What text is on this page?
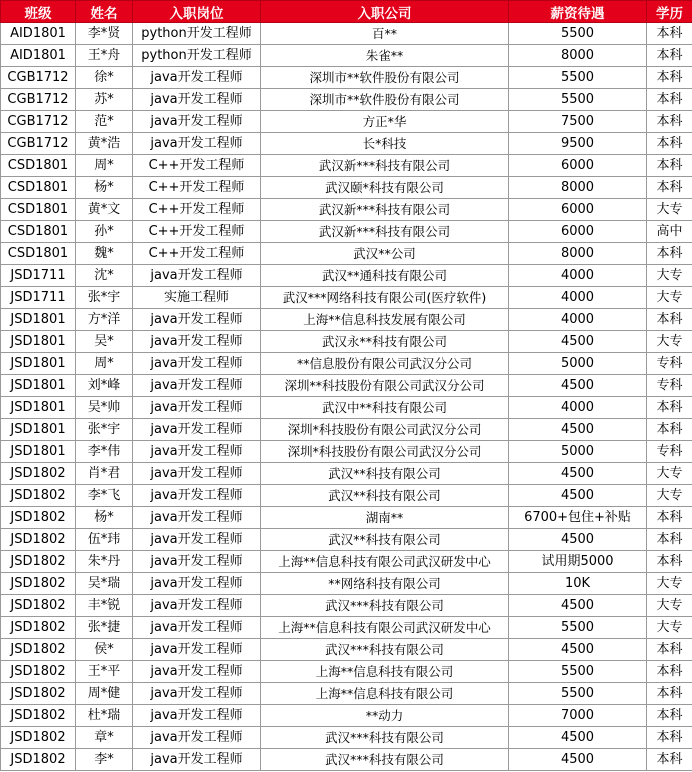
班级	姓名	入职岗位	入职公司	薪资待遇	学历
AID1801	李*贤	python开发工程师	百**	5500	本科
AID1801	王*舟	python开发工程师	朱雀**	8000	本科
CGB1712	徐*	java开发工程师	深圳市**软件股份有限公司	5500	本科
CGB1712	苏*	java开发工程师	深圳市**软件股份有限公司	5500	本科
CGB1712	范*	java开发工程师	方正*华	7500	本科
CGB1712	黄*浩	java开发工程师	长*科技	9500	本科
CSD1801	周*	C++开发工程师	武汉新***科技有限公司	6000	本科
CSD1801	杨*	C++开发工程师	武汉颐*科技有限公司	8000	本科
CSD1801	黄*文	C++开发工程师	武汉新***科技有限公司	6000	大专
CSD1801	孙*	C++开发工程师	武汉新***科技有限公司	6000	高中
CSD1801	魏*	C++开发工程师	武汉**公司	8000	本科
JSD1711	沈*	java开发工程师	武汉**通科技有限公司	4000	大专
JSD1711	张*宇	实施工程师	武汉***网络科技有限公司(医疗软件)	4000	大专
JSD1801	方*洋	java开发工程师	上海**信息科技发展有限公司	4000	本科
JSD1801	吴*	java开发工程师	武汉永**科技有限公司	4500	大专
JSD1801	周*	java开发工程师	**信息股份有限公司武汉分公司	5000	专科
JSD1801	刘*峰	java开发工程师	深圳**科技股份有限公司武汉分公司	4500	专科
JSD1801	吴*帅	java开发工程师	武汉中**科技有限公司	4000	本科
JSD1801	张*宇	java开发工程师	深圳*科技股份有限公司武汉分公司	4500	本科
JSD1801	李*伟	java开发工程师	深圳*科技股份有限公司武汉分公司	5000	专科
JSD1802	肖*君	java开发工程师	武汉**科技有限公司	4500	大专
JSD1802	李*飞	java开发工程师	武汉**科技有限公司	4500	大专
JSD1802	杨*	java开发工程师	湖南**	6700+包住+补贴	本科
JSD1802	伍*玮	java开发工程师	武汉**科技有限公司	4500	本科
JSD1802	朱*丹	java开发工程师	上海**信息科技有限公司武汉研发中心	试用期5000	本科
JSD1802	吴*瑞	java开发工程师	**网络科技有限公司	10K	大专
JSD1802	丰*锐	java开发工程师	武汉***科技有限公司	4500	大专
JSD1802	张*捷	java开发工程师	上海**信息科技有限公司武汉研发中心	5500	大专
JSD1802	侯*	java开发工程师	武汉***科技有限公司	4500	本科
JSD1802	王*平	java开发工程师	上海**信息科技有限公司	5500	本科
JSD1802	周*健	java开发工程师	上海**信息科技有限公司	5500	本科
JSD1802	杜*瑞	java开发工程师	**动力	7000	本科
JSD1802	章*	java开发工程师	武汉***科技有限公司	4500	本科
JSD1802	李*	java开发工程师	武汉***科技有限公司	4500	本科
